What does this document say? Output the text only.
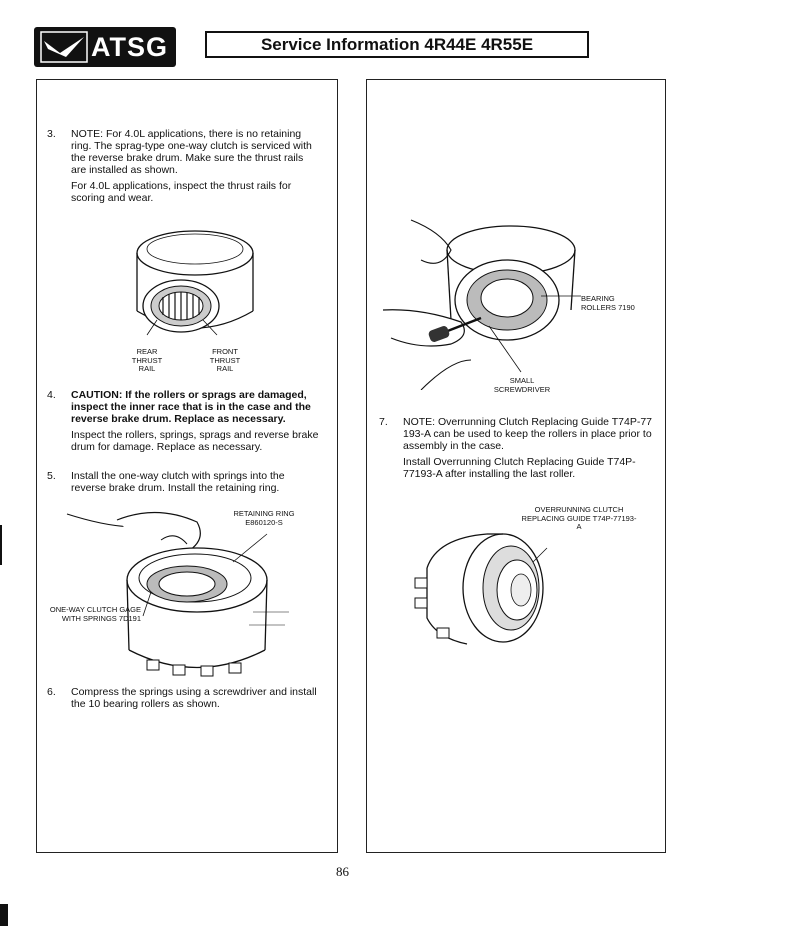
ATSG	Service Information 4R44E 4R55E
3. NOTE: For 4.0L applications, there is no retaining ring. The sprag-type one-way clutch is serviced with the reverse brake drum. Make sure the thrust rails are installed as shown.

For 4.0L applications, inspect the thrust rails for scoring and wear.

REAR THRUST RAIL
FRONT THRUST RAIL
4. CAUTION: If the rollers or sprags are damaged, inspect the inner race that is in the case and the reverse brake drum. Replace as necessary.

Inspect the rollers, springs, sprags and reverse brake drum for damage. Replace as necessary.

5. Install the one-way clutch with springs into the reverse brake drum. Install the retaining ring.

RETAINING RING E860120-S
ONE-WAY CLUTCH GAGE WITH SPRINGS 7D191
6. Compress the springs using a screwdriver and install the 10 bearing rollers as shown.

BEARING ROLLERS 7190
SMALL SCREWDRIVER
7. NOTE: Overrunning Clutch Replacing Guide T74P-77 193-A can be used to keep the rollers in place prior to assembly in the case.

Install Overrunning Clutch Replacing Guide T74P-77193-A after installing the last roller.

OVERRUNNING CLUTCH REPLACING GUIDE T74P-77193-A
86
